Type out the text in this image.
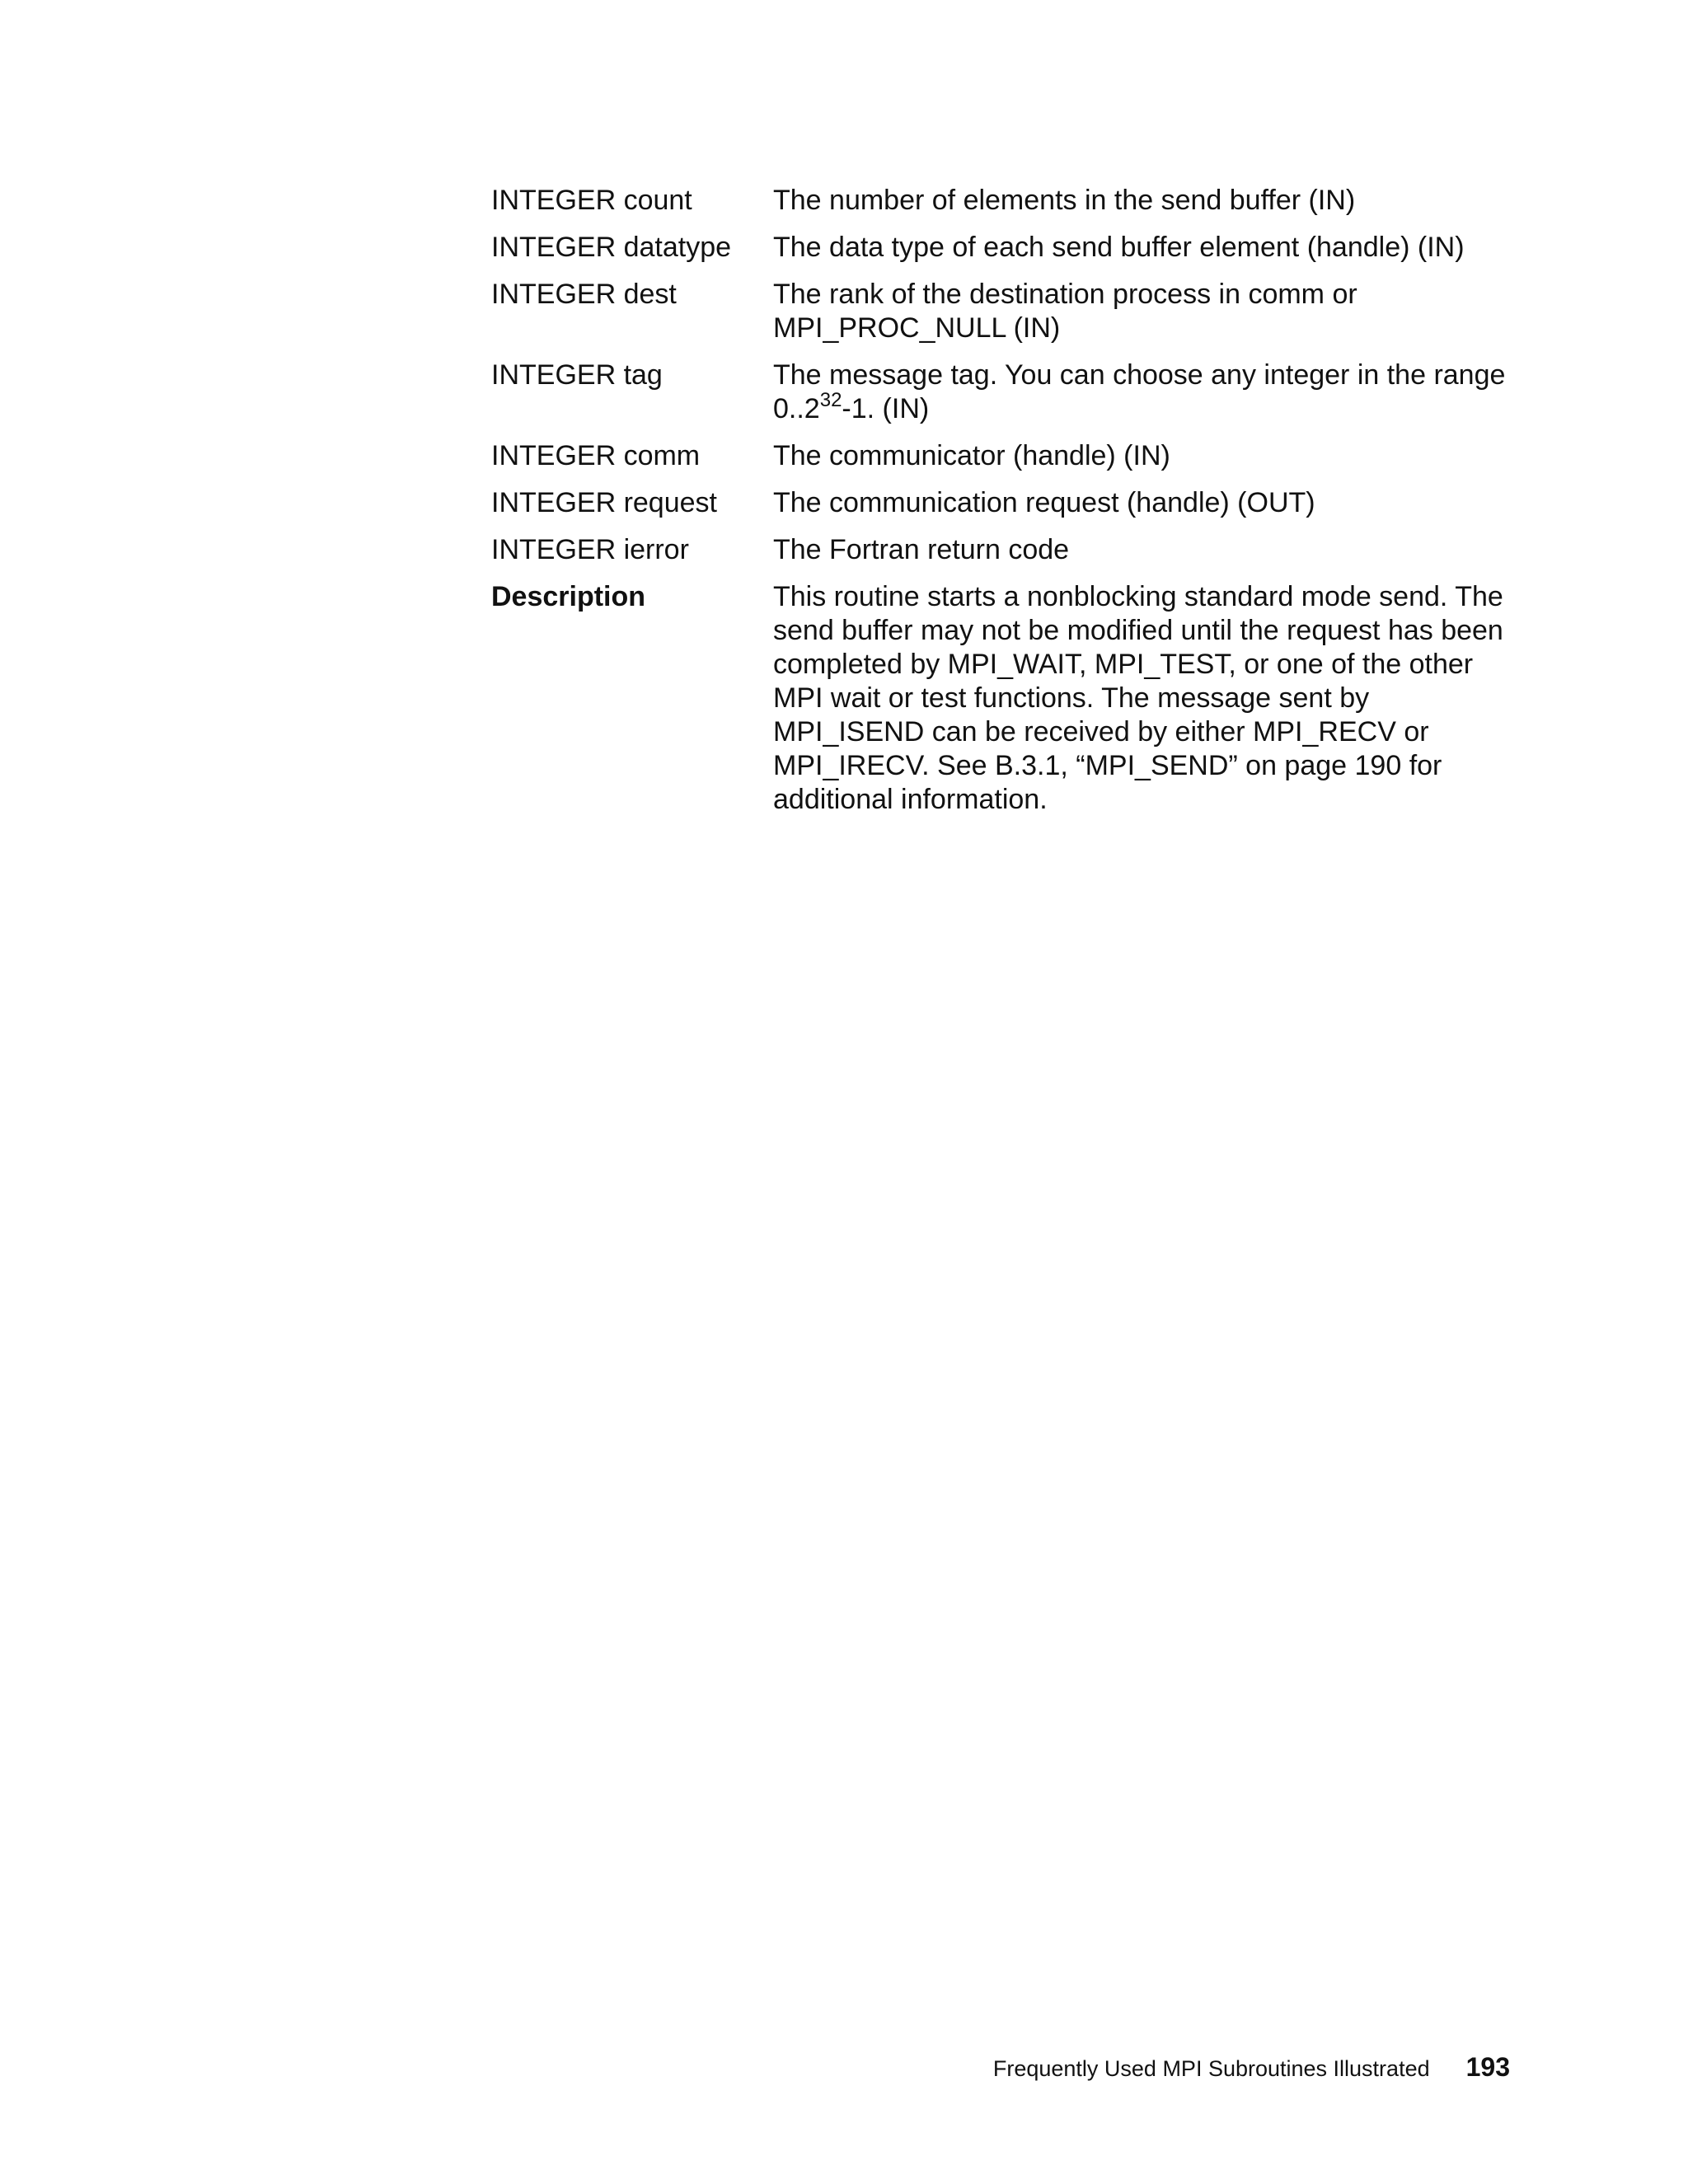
INTEGER count	The number of elements in the send buffer (IN)
INTEGER datatype	The data type of each send buffer element (handle) (IN)
INTEGER dest	The rank of the destination process in comm or MPI_PROC_NULL (IN)
INTEGER tag	The message tag. You can choose any integer in the range 0..2$^{32}$-1. (IN)
INTEGER comm	The communicator (handle) (IN)
INTEGER request	The communication request (handle) (OUT)
INTEGER ierror	The Fortran return code
Description	This routine starts a nonblocking standard mode send. The send buffer may not be modified until the request has been completed by MPI_WAIT, MPI_TEST, or one of the other MPI wait or test functions. The message sent by MPI_ISEND can be received by either MPI_RECV or MPI_IRECV. See B.3.1, “MPI_SEND” on page 190 for additional information.
Frequently Used MPI Subroutines Illustrated 193
